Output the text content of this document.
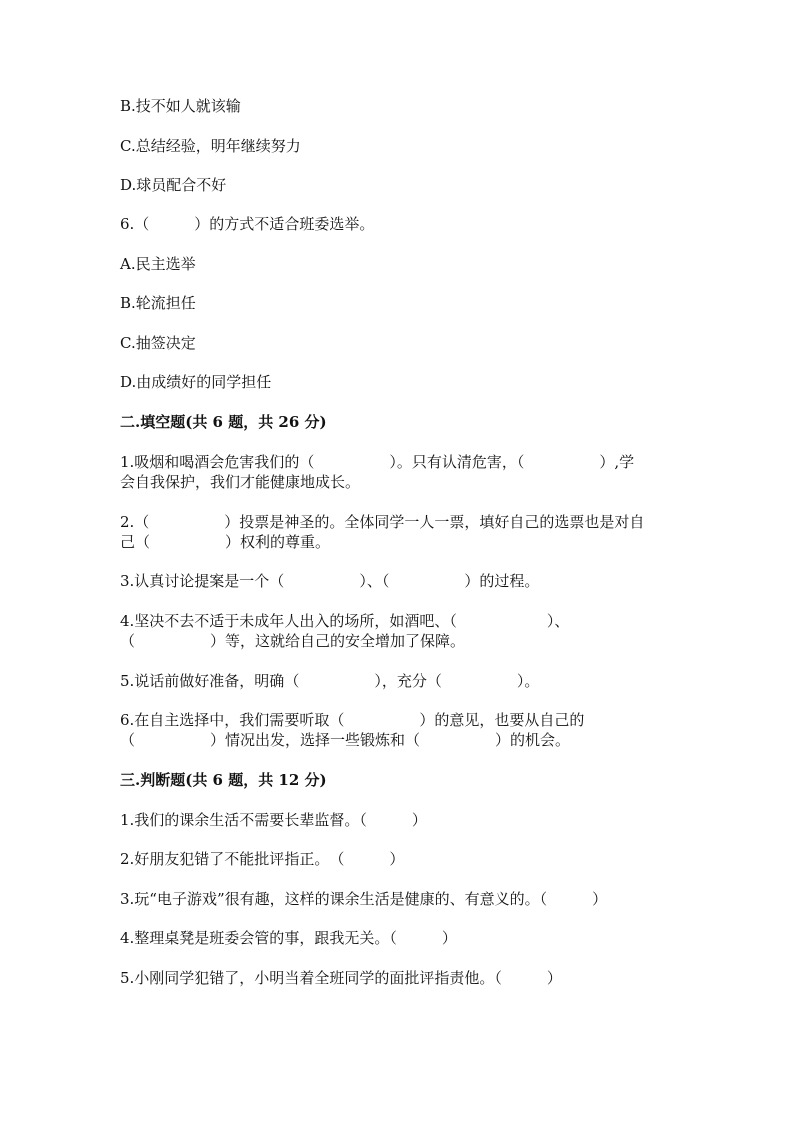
B.技不如人就该输
C.总结经验，明年继续努力
D.球员配合不好
6.（　　　）的方式不适合班委选举。
A.民主选举
B.轮流担任
C.抽签决定
D.由成绩好的同学担任
二.填空题(共 6 题，共 26 分)
1.吸烟和喝酒会危害我们的（　　　　　）。只有认清危害，（　　　　　）,学
会自我保护，我们才能健康地成长。
2.（　　　　　）投票是神圣的。全体同学一人一票，填好自己的选票也是对自
己（　　　　　）权利的尊重。
3.认真讨论提案是一个（　　　　　）、（　　　　　）的过程。
4.坚决不去不适于未成年人出入的场所，如酒吧、（　　　　　　）、
（　　　　　）等，这就给自己的安全增加了保障。
5.说话前做好准备，明确（　　　　　），充分（　　　　　）。
6.在自主选择中，我们需要听取（　　　　　）的意见，也要从自己的
（　　　　　）情况出发，选择一些锻炼和（　　　　　）的机会。
三.判断题(共 6 题，共 12 分)
1.我们的课余生活不需要长辈监督。（　　　）
2.好朋友犯错了不能批评指正。　（　　　）
3.玩“电子游戏”很有趣，这样的课余生活是健康的、有意义的。（　　　）
4.整理桌凳是班委会管的事，跟我无关。（　　　）
5.小刚同学犯错了，小明当着全班同学的面批评指责他。（　　　）
